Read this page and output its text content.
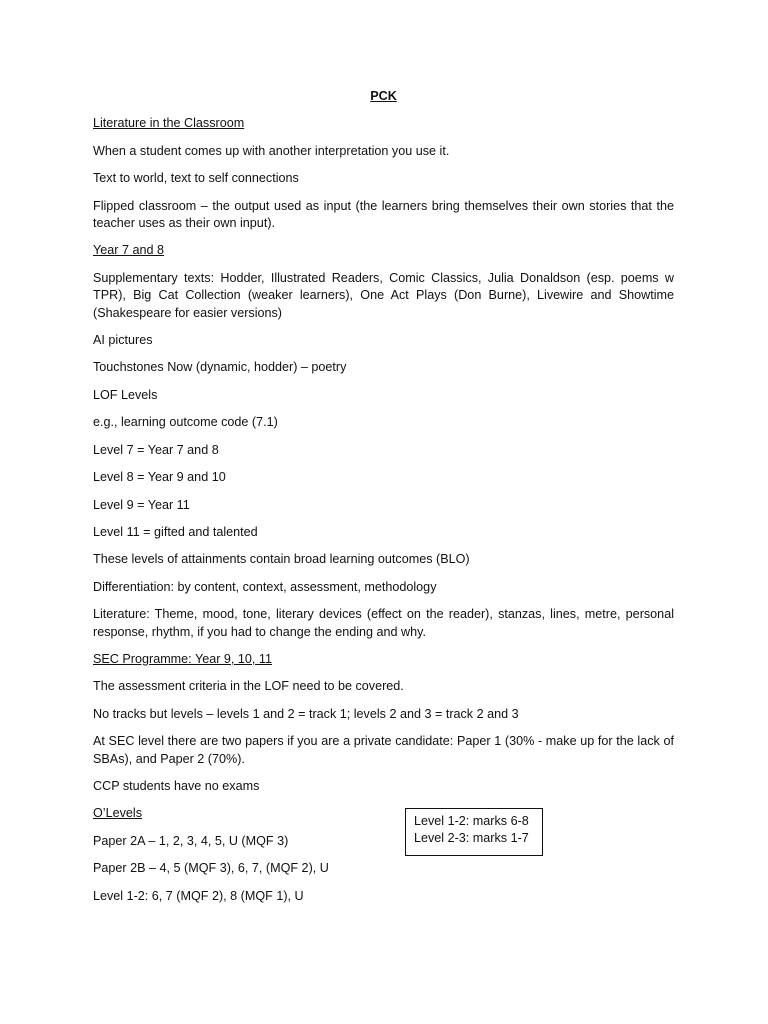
PCK
Literature in the Classroom
When a student comes up with another interpretation you use it.
Text to world, text to self connections
Flipped classroom – the output used as input (the learners bring themselves their own stories that the teacher uses as their own input).
Year 7 and 8
Supplementary texts: Hodder, Illustrated Readers, Comic Classics, Julia Donaldson (esp. poems w TPR), Big Cat Collection (weaker learners), One Act Plays (Don Burne), Livewire and Showtime (Shakespeare for easier versions)
AI pictures
Touchstones Now (dynamic, hodder) – poetry
LOF Levels
e.g., learning outcome code (7.1)
Level 7 = Year 7 and 8
Level 8 = Year 9 and 10
Level 9 = Year 11
Level 11 = gifted and talented
These levels of attainments contain broad learning outcomes (BLO)
Differentiation: by content, context, assessment, methodology
Literature: Theme, mood, tone, literary devices (effect on the reader), stanzas, lines, metre, personal response, rhythm, if you had to change the ending and why.
SEC Programme: Year 9, 10, 11
The assessment criteria in the LOF need to be covered.
No tracks but levels – levels 1 and 2 = track 1; levels 2 and 3 = track 2 and 3
At SEC level there are two papers if you are a private candidate: Paper 1 (30% - make up for the lack of SBAs), and Paper 2 (70%).
CCP students have no exams
O’Levels
Paper 2A – 1, 2, 3, 4, 5, U (MQF 3)
Paper 2B – 4, 5 (MQF 3), 6, 7, (MQF 2), U
Level 1-2: 6, 7 (MQF 2), 8 (MQF 1), U
Level 1-2: marks 6-8
Level 2-3: marks 1-7
